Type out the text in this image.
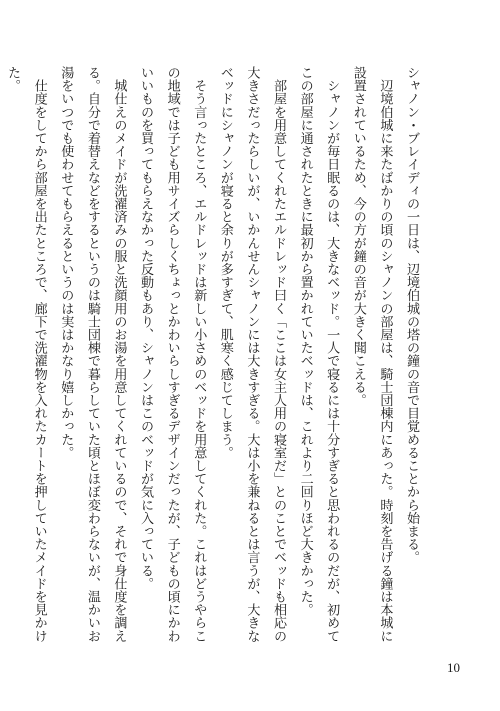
シャノン・ブレイディの一日は、辺境伯城の塔の鐘の音で目覚めることから始まる。
　辺境伯城に来たばかりの頃のシャノンの部屋は、騎士団棟内にあった。時刻を告げる鐘は本城に
設置されているため、今の方が鐘の音が大きく聞こえる。
　シャノンが毎日眠るのは、大きなベッド。一人で寝るには十分すぎると思われるのだが、初めて
この部屋に通されたときに最初から置かれていたベッドは、これより二回りほど大きかった。
　部屋を用意してくれたエルドレッド曰く「ここは女主人用の寝室だ」とのことでベッドも相応の
大きさだったらしいが、いかんせんシャノンには大きすぎる。大は小を兼ねるとは言うが、大きな
ベッドにシャノンが寝ると余りが多すぎて、肌寒く感じてしまう。
　そう言ったところ、エルドレッドは新しい小さめのベッドを用意してくれた。これはどうやらこ
の地域では子ども用サイズらしくちょっとかわいらしすぎるデザインだったが、子どもの頃にかわ
いいものを買ってもらえなかった反動もあり、シャノンはこのベッドが気に入っている。
　城仕えのメイドが洗濯済みの服と洗顔用のお湯を用意してくれているので、それで身仕度を調え
る。自分で着替えなどをするというのは騎士団棟で暮らしていた頃とほぼ変わらないが、温かいお
湯をいつでも使わせてもらえるというのは実はかなり嬉しかった。
　仕度をしてから部屋を出たところで、廊下で洗濯物を入れたカートを押していたメイドを見かけ
た。
10
